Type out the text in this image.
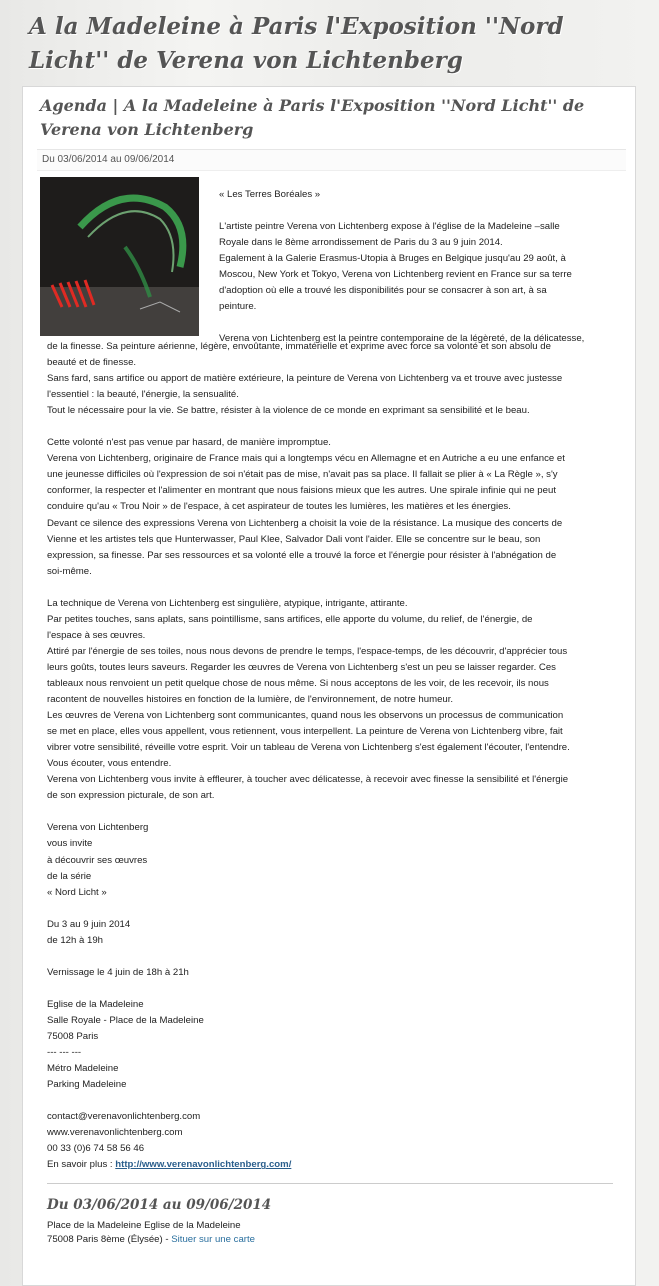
A la Madeleine à Paris l'Exposition ''Nord Licht'' de Verena von Lichtenberg
Agenda | A la Madeleine à Paris l'Exposition ''Nord Licht'' de Verena von Lichtenberg
Du 03/06/2014 au 09/06/2014
« Les Terres Boréales »

L'artiste peintre Verena von Lichtenberg expose à l'église de la Madeleine –salle
Royale dans le 8ème arrondissement de Paris du 3 au 9 juin 2014.
Egalement à la Galerie Erasmus-Utopia à Bruges en Belgique jusqu'au 29 août, à
Moscou, New York et Tokyo, Verena von Lichtenberg revient en France sur sa terre
d'adoption où elle a trouvé les disponibilités pour se consacrer à son art, à sa
peinture.

Verena von Lichtenberg est la peintre contemporaine de la légèreté, de la délicatesse,
de la finesse. Sa peinture aérienne, légère, envoûtante, immatérielle et exprime avec force sa volonté et son absolu de
beauté et de finesse.
Sans fard, sans artifice ou apport de matière extérieure, la peinture de Verena von Lichtenberg va et trouve avec justesse
l'essentiel : la beauté, l'énergie, la sensualité.
Tout le nécessaire pour la vie. Se battre, résister à la violence de ce monde en exprimant sa sensibilité et le beau.

Cette volonté n'est pas venue par hasard, de manière impromptue.
Verena von Lichtenberg, originaire de France mais qui a longtemps vécu en Allemagne et en Autriche a eu une enfance et
une jeunesse difficiles où l'expression de soi n'était pas de mise, n'avait pas sa place. Il fallait se plier à « La Règle », s'y
conformer, la respecter et l'alimenter en montrant que nous faisions mieux que les autres. Une spirale infinie qui ne peut
conduire qu'au « Trou Noir » de l'espace, à cet aspirateur de toutes les lumières, les matières et les énergies.
Devant ce silence des expressions Verena von Lichtenberg a choisit la voie de la résistance. La musique des concerts de
Vienne et les artistes tels que Hunterwasser, Paul Klee, Salvador Dali vont l'aider. Elle se concentre sur le beau, son
expression, sa finesse. Par ses ressources et sa volonté elle a trouvé la force et l'énergie pour résister à l'abnégation de
soi-même.

La technique de Verena von Lichtenberg est singulière, atypique, intrigante, attirante.
Par petites touches, sans aplats, sans pointillisme, sans artifices, elle apporte du volume, du relief, de l'énergie, de
l'espace à ses œuvres.
Attiré par l'énergie de ses toiles, nous nous devons de prendre le temps, l'espace-temps, de les découvrir, d'apprécier tous
leurs goûts, toutes leurs saveurs. Regarder les œuvres de Verena von Lichtenberg s'est un peu se laisser regarder. Ces
tableaux nous renvoient un petit quelque chose de nous même. Si nous acceptons de les voir, de les recevoir, ils nous
racontent de nouvelles histoires en fonction de la lumière, de l'environnement, de notre humeur.
Les œuvres de Verena von Lichtenberg sont communicantes, quand nous les observons un processus de communication
se met en place, elles vous appellent, vous retiennent, vous interpellent. La peinture de Verena von Lichtenberg vibre, fait
vibrer votre sensibilité, réveille votre esprit. Voir un tableau de Verena von Lichtenberg s'est également l'écouter, l'entendre.
Vous écouter, vous entendre.
Verena von Lichtenberg vous invite à effleurer, à toucher avec délicatesse, à recevoir avec finesse la sensibilité et l'énergie
de son expression picturale, de son art.

Verena von Lichtenberg
vous invite
à découvrir ses œuvres
de la série
« Nord Licht »

Du 3 au 9 juin 2014
de 12h à 19h

Vernissage le 4 juin de 18h à 21h

Eglise de la Madeleine
Salle Royale - Place de la Madeleine
75008 Paris
--- --- ---
Métro Madeleine
Parking Madeleine

contact@verenavonlichtenberg.com
www.verenavonlichtenberg.com
00 33 (0)6 74 58 56 46
En savoir plus : http://www.verenavonlichtenberg.com/
Du 03/06/2014 au 09/06/2014
Place de la Madeleine Eglise de la Madeleine
75008 Paris 8ème (Élysée) - Situer sur une carte
